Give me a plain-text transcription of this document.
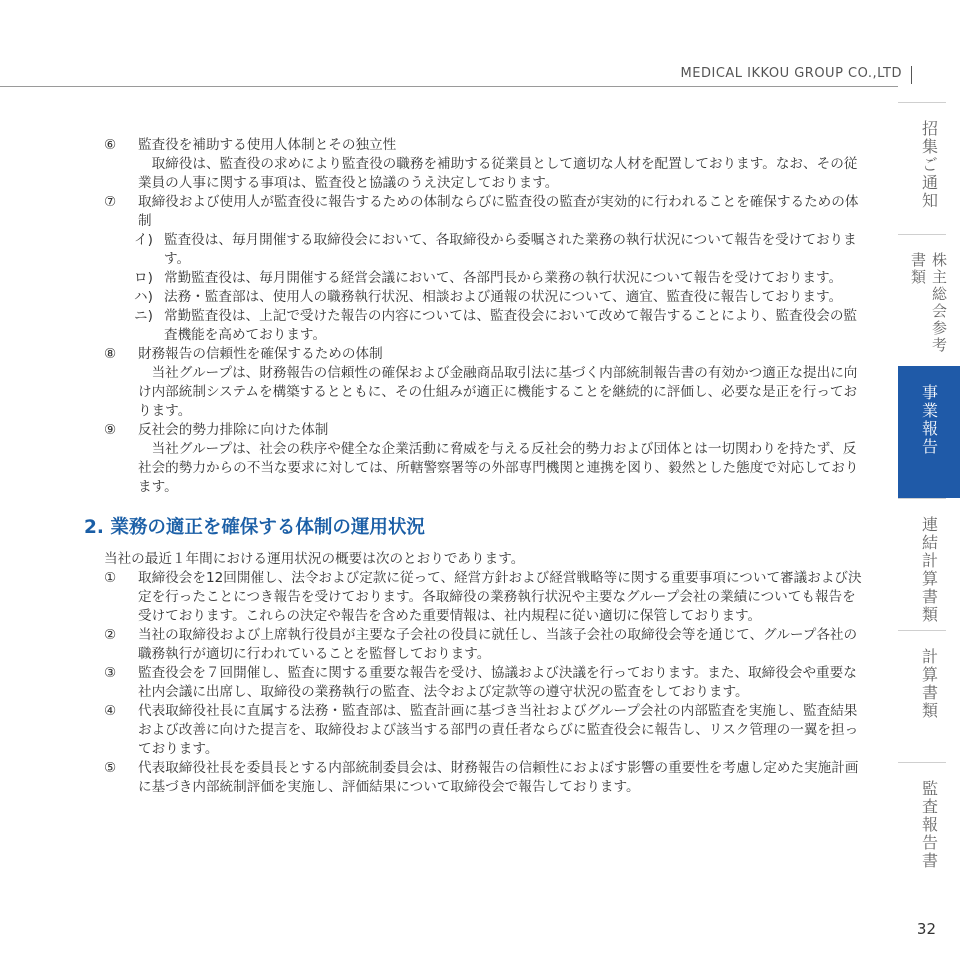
MEDICAL IKKOU GROUP CO.,LTD
⑥ 監査役を補助する使用人体制とその独立性
取締役は、監査役の求めにより監査役の職務を補助する従業員として適切な人材を配置しております。なお、その従業員の人事に関する事項は、監査役と協議のうえ決定しております。
⑦ 取締役および使用人が監査役に報告するための体制ならびに監査役の監査が実効的に行われることを確保するための体制
イ) 監査役は、毎月開催する取締役会において、各取締役から委嘱された業務の執行状況について報告を受けております。
ロ) 常勤監査役は、毎月開催する経営会議において、各部門長から業務の執行状況について報告を受けております。
ハ) 法務・監査部は、使用人の職務執行状況、相談および通報の状況について、適宜、監査役に報告しております。
ニ) 常勤監査役は、上記で受けた報告の内容については、監査役会において改めて報告することにより、監査役会の監査機能を高めております。
⑧ 財務報告の信頼性を確保するための体制
当社グループは、財務報告の信頼性の確保および金融商品取引法に基づく内部統制報告書の有効かつ適正な提出に向け内部統制システムを構築するとともに、その仕組みが適正に機能することを継続的に評価し、必要な是正を行っております。
⑨ 反社会的勢力排除に向けた体制
当社グループは、社会の秩序や健全な企業活動に脅威を与える反社会的勢力および団体とは一切関わりを持たず、反社会的勢力からの不当な要求に対しては、所轄警察署等の外部専門機関と連携を図り、毅然とした態度で対応しております。
2. 業務の適正を確保する体制の運用状況
当社の最近１年間における運用状況の概要は次のとおりであります。
① 取締役会を12回開催し、法令および定款に従って、経営方針および経営戦略等に関する重要事項について審議および決定を行ったことにつき報告を受けております。各取締役の業務執行状況や主要なグループ会社の業績についても報告を受けております。これらの決定や報告を含めた重要情報は、社内規程に従い適切に保管しております。
② 当社の取締役および上席執行役員が主要な子会社の役員に就任し、当該子会社の取締役会等を通じて、グループ各社の職務執行が適切に行われていることを監督しております。
③ 監査役会を７回開催し、監査に関する重要な報告を受け、協議および決議を行っております。また、取締役会や重要な社内会議に出席し、取締役の業務執行の監査、法令および定款等の遵守状況の監査をしております。
④ 代表取締役社長に直属する法務・監査部は、監査計画に基づき当社およびグループ会社の内部監査を実施し、監査結果および改善に向けた提言を、取締役および該当する部門の責任者ならびに監査役会に報告し、リスク管理の一翼を担っております。
⑤ 代表取締役社長を委員長とする内部統制委員会は、財務報告の信頼性におよぼす影響の重要性を考慮し定めた実施計画に基づき内部統制評価を実施し、評価結果について取締役会で報告しております。
招集ご通知
株主総会参考書類
事業報告
連結計算書類
計算書類
監査報告書
32
